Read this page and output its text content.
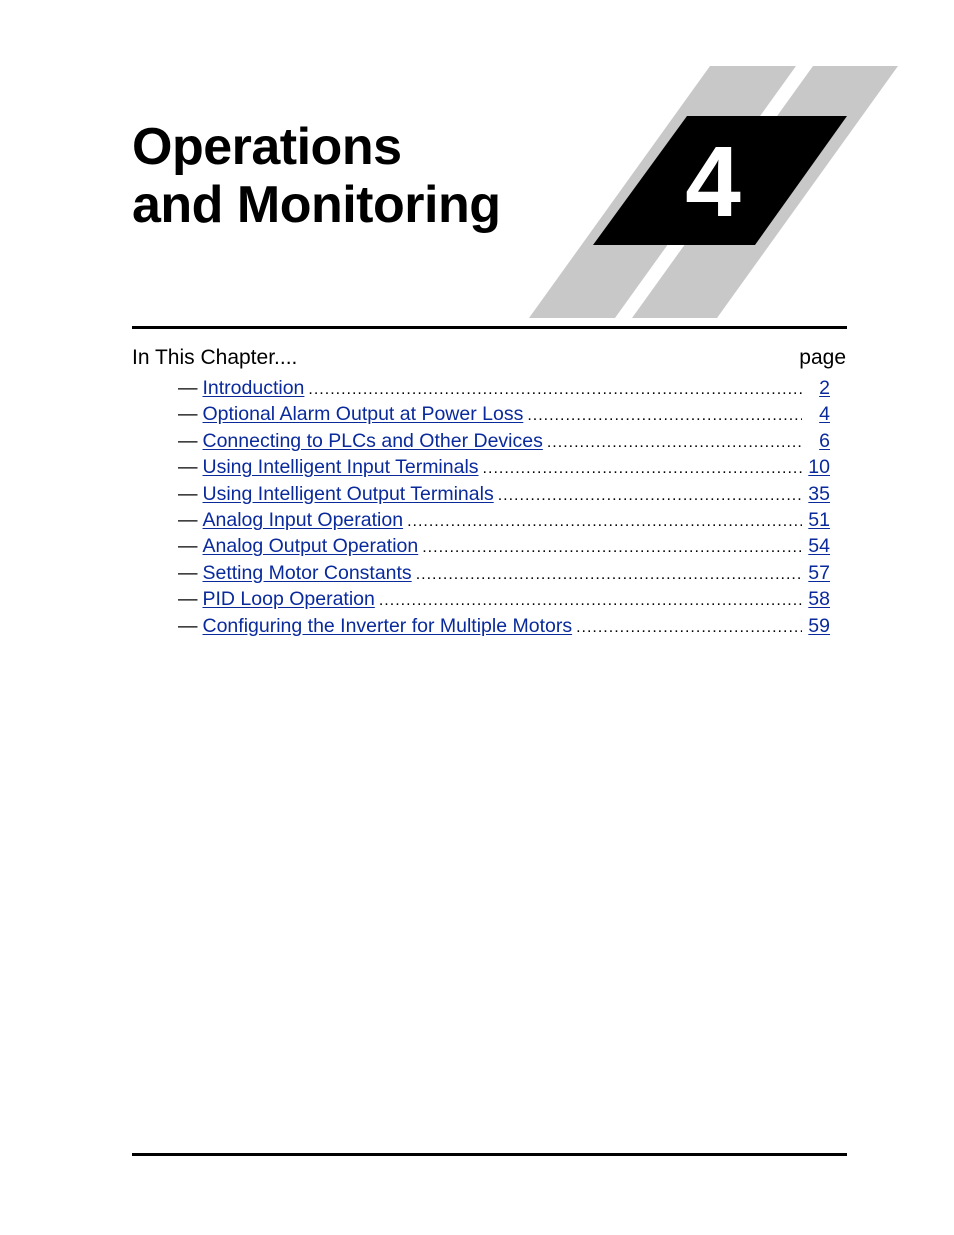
Operations
and Monitoring 4
In This Chapter....	page
— Introduction .....	2
— Optional Alarm Output at Power Loss .....	4
— Connecting to PLCs and Other Devices .....	6
— Using Intelligent Input Terminals .....	10
— Using Intelligent Output Terminals .....	35
— Analog Input Operation .....	51
— Analog Output Operation .....	54
— Setting Motor Constants .....	57
— PID Loop Operation .....	58
— Configuring the Inverter for Multiple Motors .....	59
